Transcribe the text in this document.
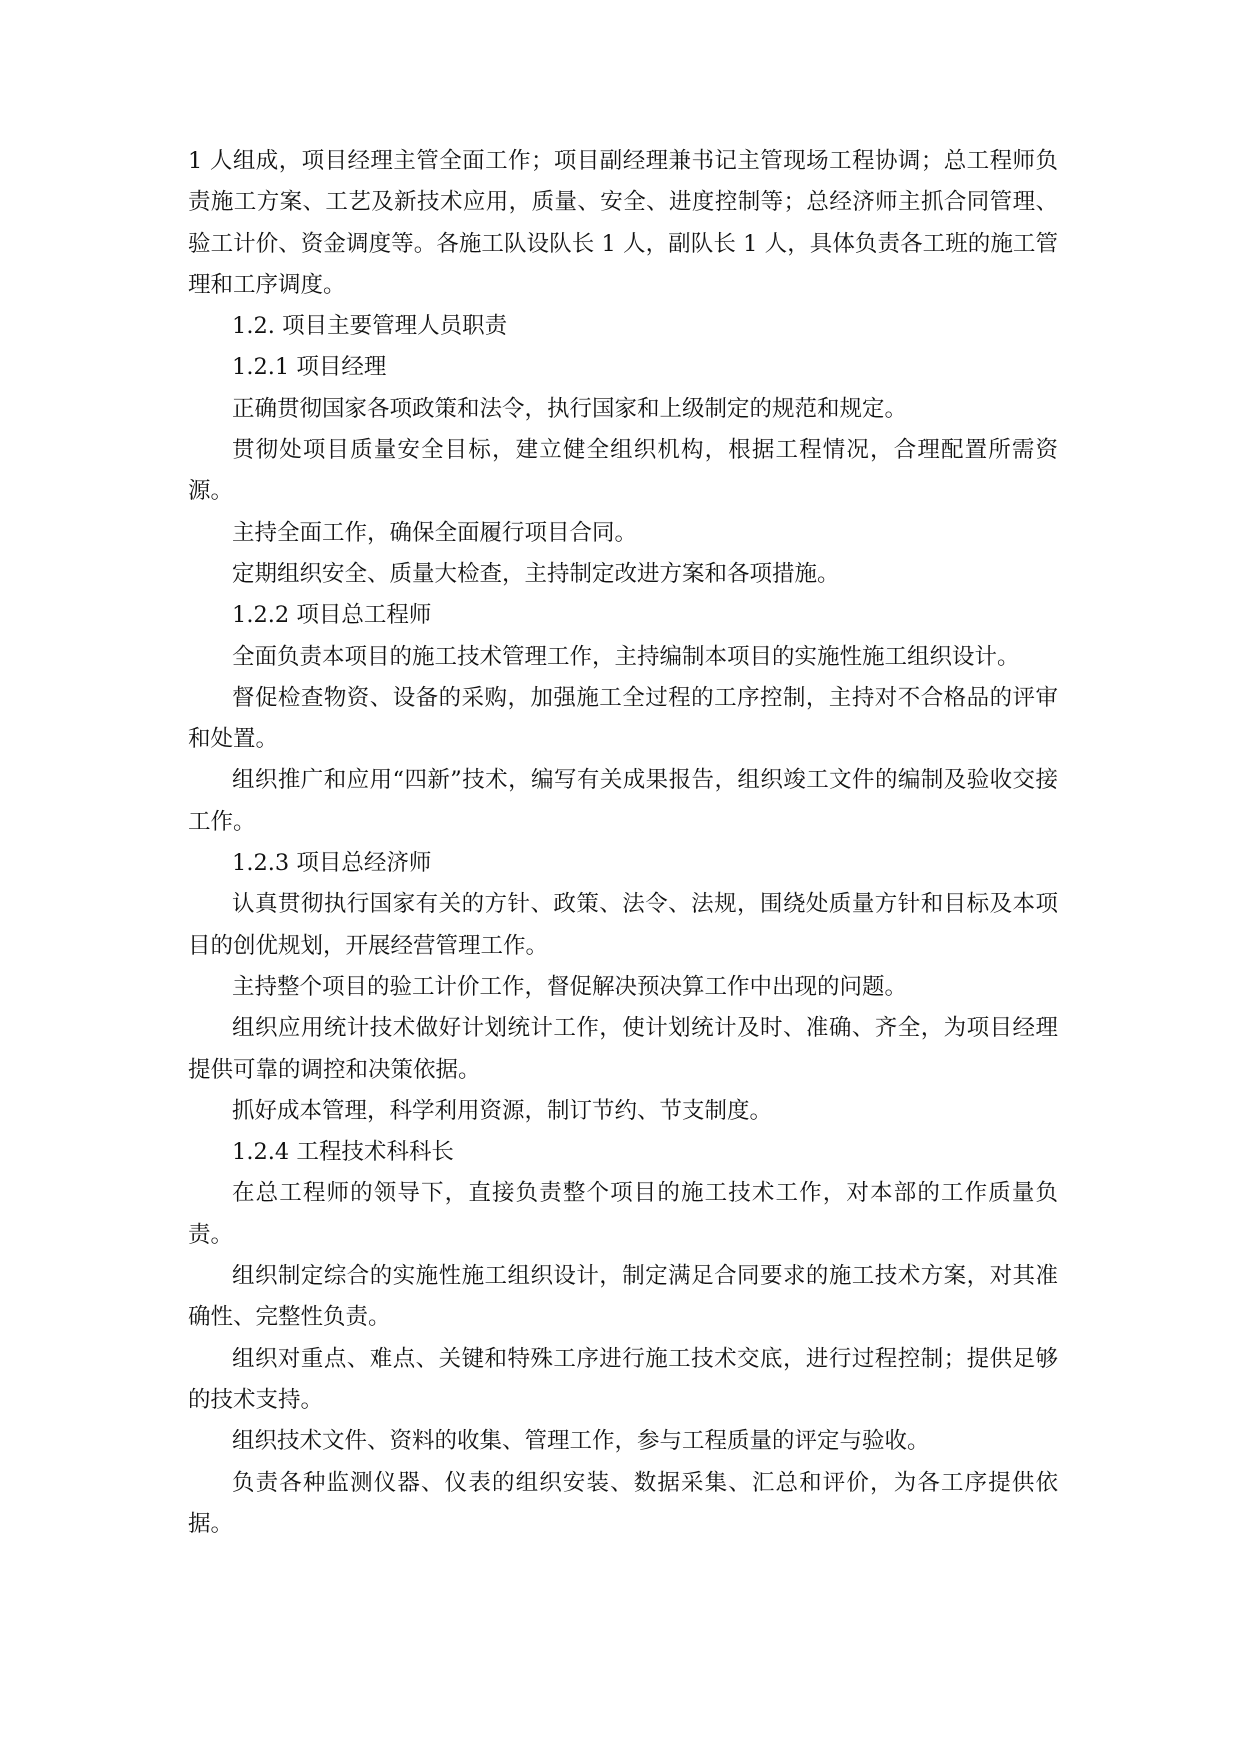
1 人组成，项目经理主管全面工作；项目副经理兼书记主管现场工程协调；总工程师负责施工方案、工艺及新技术应用，质量、安全、进度控制等；总经济师主抓合同管理、验工计价、资金调度等。各施工队设队长 1 人，副队长 1 人，具体负责各工班的施工管理和工序调度。

1.2. 项目主要管理人员职责

1.2.1 项目经理

正确贯彻国家各项政策和法令，执行国家和上级制定的规范和规定。

贯彻处项目质量安全目标，建立健全组织机构，根据工程情况，合理配置所需资源。

主持全面工作，确保全面履行项目合同。

定期组织安全、质量大检查，主持制定改进方案和各项措施。

1.2.2 项目总工程师

全面负责本项目的施工技术管理工作，主持编制本项目的实施性施工组织设计。

督促检查物资、设备的采购，加强施工全过程的工序控制，主持对不合格品的评审和处置。

组织推广和应用“四新”技术，编写有关成果报告，组织竣工文件的编制及验收交接工作。

1.2.3 项目总经济师

认真贯彻执行国家有关的方针、政策、法令、法规，围绕处质量方针和目标及本项目的创优规划，开展经营管理工作。

主持整个项目的验工计价工作，督促解决预决算工作中出现的问题。

组织应用统计技术做好计划统计工作，使计划统计及时、准确、齐全，为项目经理提供可靠的调控和决策依据。

抓好成本管理，科学利用资源，制订节约、节支制度。

1.2.4 工程技术科科长

在总工程师的领导下，直接负责整个项目的施工技术工作，对本部的工作质量负责。

组织制定综合的实施性施工组织设计，制定满足合同要求的施工技术方案，对其准确性、完整性负责。

组织对重点、难点、关键和特殊工序进行施工技术交底，进行过程控制；提供足够的技术支持。

组织技术文件、资料的收集、管理工作，参与工程质量的评定与验收。

负责各种监测仪器、仪表的组织安装、数据采集、汇总和评价，为各工序提供依据。
